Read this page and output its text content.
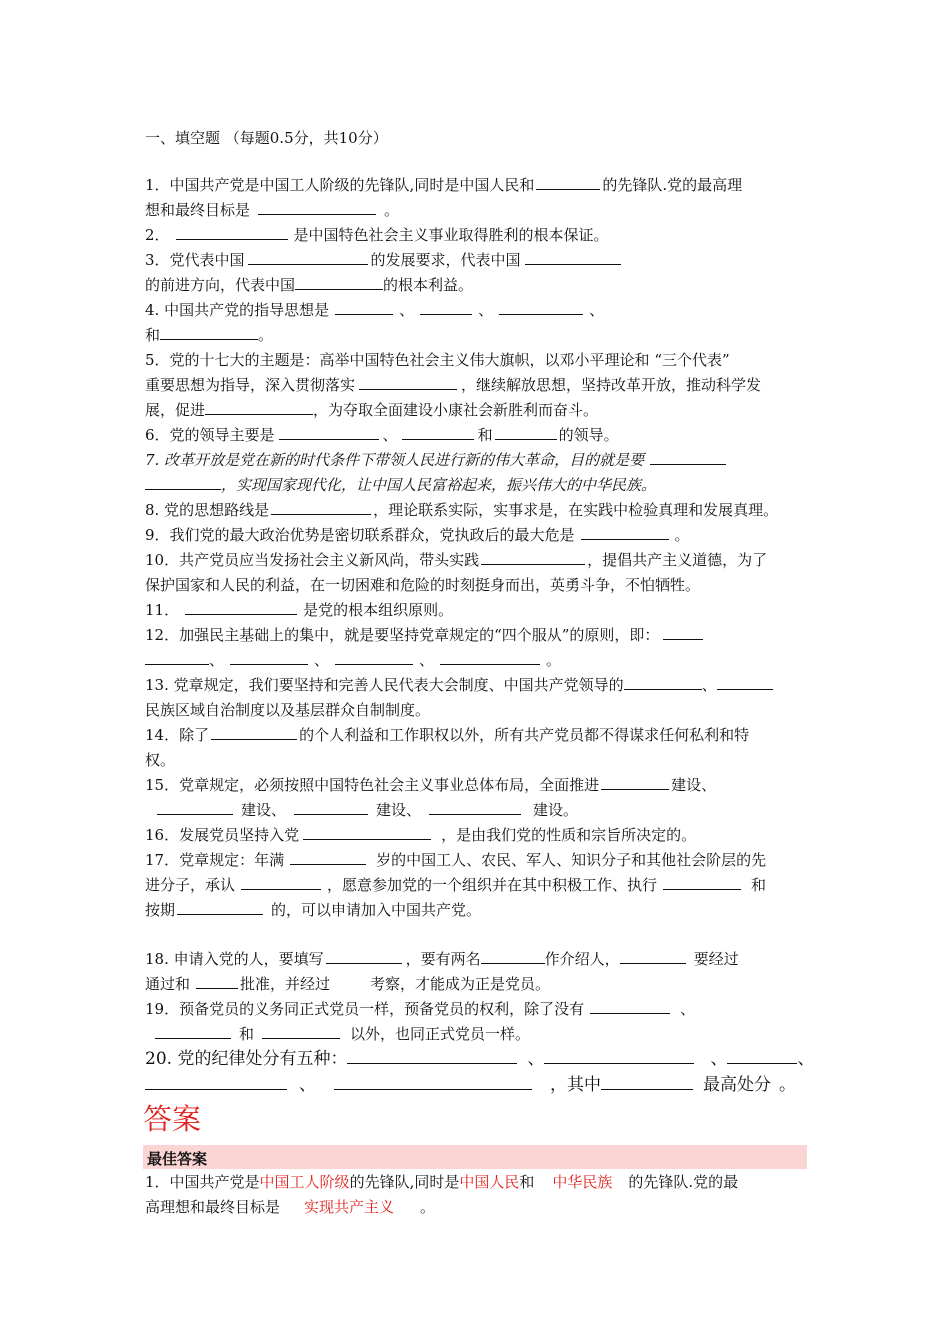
一、填空题 （每题0.5分，共10分）
1．中国共产党是中国工人阶级的先锋队,同时是中国人民和	的先锋队.党的最高理
想和最终目标是	。
2．	是中国特色社会主义事业取得胜利的根本保证。
3．党代表中国	的发展要求，代表中国
的前进方向，代表中国	的根本利益。
4. 中国共产党的指导思想是	、	、	、
和	。
5．党的十七大的主题是：高举中国特色社会主义伟大旗帜，以邓小平理论和 “三个代表”
重要思想为指导，深入贯彻落实	，继续解放思想，坚持改革开放，推动科学发
展，促进	，为夺取全面建设小康社会新胜利而奋斗。
6．党的领导主要是	、	和	的领导。
7. 改革开放是党在新的时代条件下带领人民进行新的伟大革命，目的就是要
，实现国家现代化，让中国人民富裕起来，振兴伟大的中华民族。
8. 党的思想路线是	，理论联系实际，实事求是，在实践中检验真理和发展真理。
9．我们党的最大政治优势是密切联系群众，党执政后的最大危是	。
10．共产党员应当发扬社会主义新风尚，带头实践	，提倡共产主义道德，为了
保护国家和人民的利益，在一切困难和危险的时刻挺身而出，英勇斗争，不怕牺牲。
11．	是党的根本组织原则。
12．加强民主基础上的集中，就是要坚持党章规定的“四个服从”的原则，即：
、	、	、	。
13. 党章规定，我们要坚持和完善人民代表大会制度、中国共产党领导的	、
民族区域自治制度以及基层群众自制制度。
14．除了	的个人利益和工作职权以外，所有共产党员都不得谋求任何私利和特
权。
15．党章规定，必须按照中国特色社会主义事业总体布局，全面推进	建设、
建设、	建设、	建设。
16．发展党员坚持入党	，是由我们党的性质和宗旨所决定的。
17．党章规定：年满	岁的中国工人、农民、军人、知识分子和其他社会阶层的先
进分子，承认	，愿意参加党的一个组织并在其中积极工作、执行	和
按期	的，可以申请加入中国共产党。
18. 申请入党的人，要填写	，要有两名	作介绍人，	要经过
通过和	批准，并经过	考察，才能成为正是党员。
19．预备党员的义务同正式党员一样，预备党员的权利，除了没有	、
和	以外，也同正式党员一样。
20. 党的纪律处分有五种：	、	、	、
、	，其中	最高处分 。
答案
最佳答案
1．中国共产党是中国工人阶级的先锋队,同时是中国人民和 中华民族 的先锋队.党的最
高理想和最终目标是 实现共产主义 。
